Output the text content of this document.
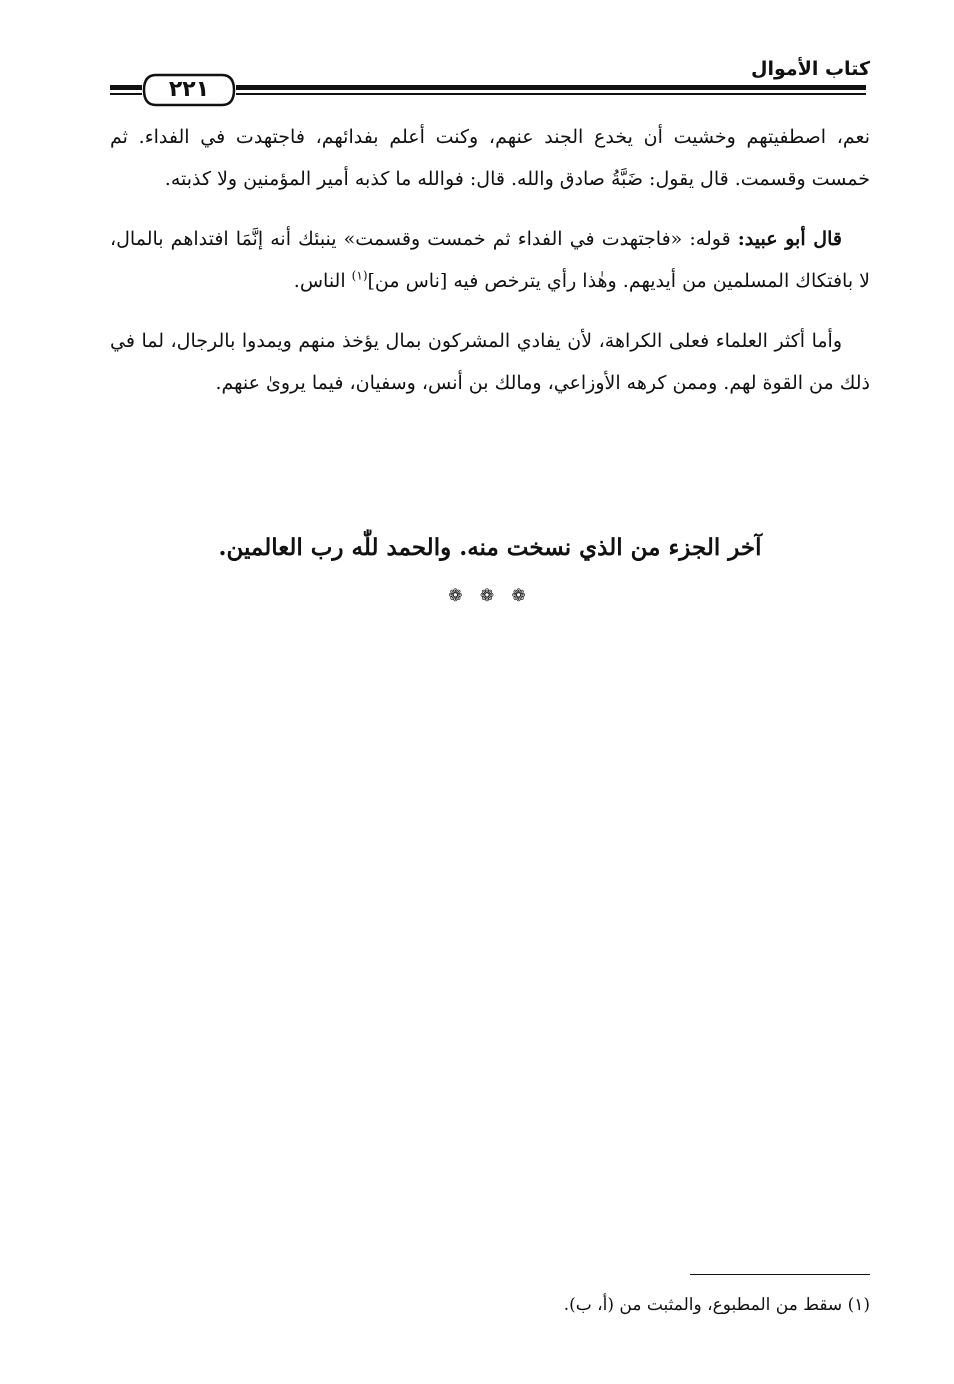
كتاب الأموال
٢٢١

نعم، اصطفيتهم وخشيت أن يخدع الجند عنهم، وكنت أعلم بفدائهم، فاجتهدت في الفداء. ثم خمست وقسمت. قال يقول: ضَبَّةُ صادق والله. قال: فوالله ما كذبه أمير المؤمنين ولا كذبته.

قال أبو عبيد: قوله: «فاجتهدت في الفداء ثم خمست وقسمت» ينبئك أنه إنَّمَا افتداهم بالمال، لا بافتكاك المسلمين من أيديهم. وهٰذا رأي يترخص فيه [ناس من]$^{(١)}$ الناس.

وأما أكثر العلماء فعلى الكراهة، لأن يفادي المشركون بمال يؤخذ منهم ويمدوا بالرجال، لما في ذلك من القوة لهم. وممن كرهه الأوزاعي، ومالك بن أنس، وسفيان، فيما يروىٰ عنهم.

آخر الجزء من الذي نسخت منه. والحمد للّٰه رب العالمين.
❁ ❁ ❁
(١) سقط من المطبوع، والمثبت من (أ، ب).
